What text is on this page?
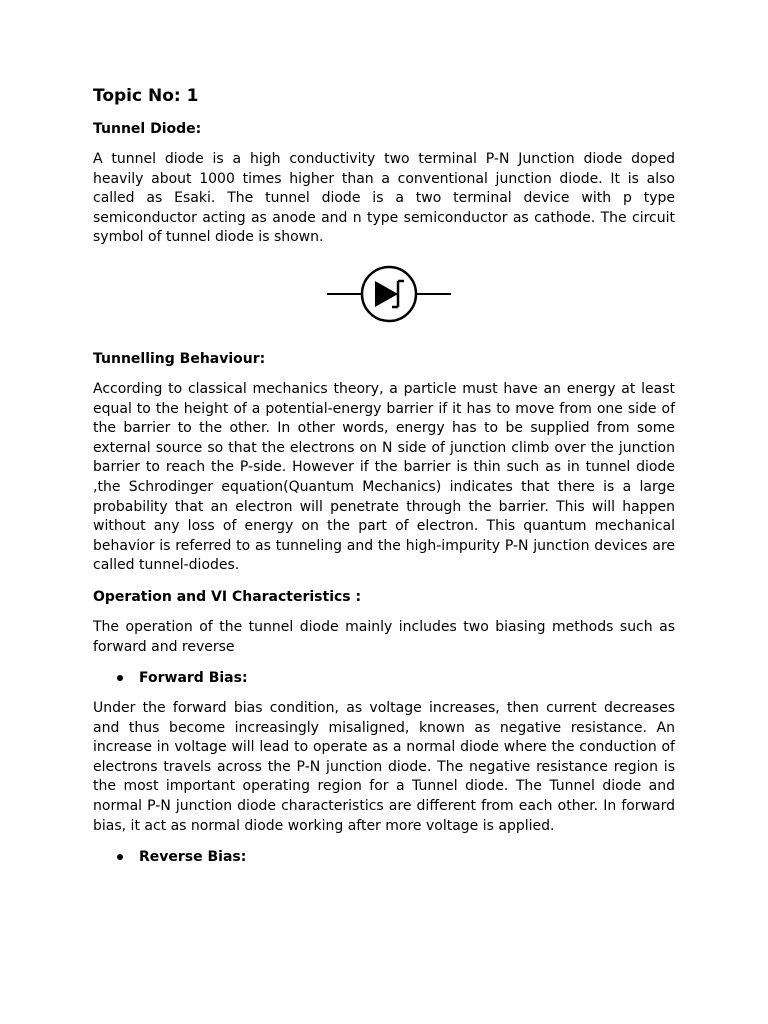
Topic No: 1
Tunnel Diode:
A tunnel diode is a high conductivity two terminal P-N Junction diode doped heavily about 1000 times higher than a conventional junction diode. It is also called as Esaki. The tunnel diode is a two terminal device with p type semiconductor acting as anode and n type semiconductor as cathode. The circuit symbol of tunnel diode is shown.
Tunnelling Behaviour:
According to classical mechanics theory, a particle must have an energy at least equal to the height of a potential-energy barrier if it has to move from one side of the barrier to the other. In other words, energy has to be supplied from some external source so that the electrons on N side of junction climb over the junction barrier to reach the P-side. However if the barrier is thin such as in tunnel diode ,the Schrodinger equation(Quantum Mechanics) indicates that there is a large probability that an electron will penetrate through the barrier. This will happen without any loss of energy on the part of electron. This quantum mechanical behavior is referred to as tunneling and the high-impurity P-N junction devices are called tunnel-diodes.
Operation and VI Characteristics :
The operation of the tunnel diode mainly includes two biasing methods such as forward and reverse
Forward Bias:
Under the forward bias condition, as voltage increases, then current decreases and thus become increasingly misaligned, known as negative resistance. An increase in voltage will lead to operate as a normal diode where the conduction of electrons travels across the P-N junction diode. The negative resistance region is the most important operating region for a Tunnel diode. The Tunnel diode and normal P-N junction diode characteristics are different from each other. In forward bias, it act as normal diode working after more voltage is applied.
Reverse Bias:
